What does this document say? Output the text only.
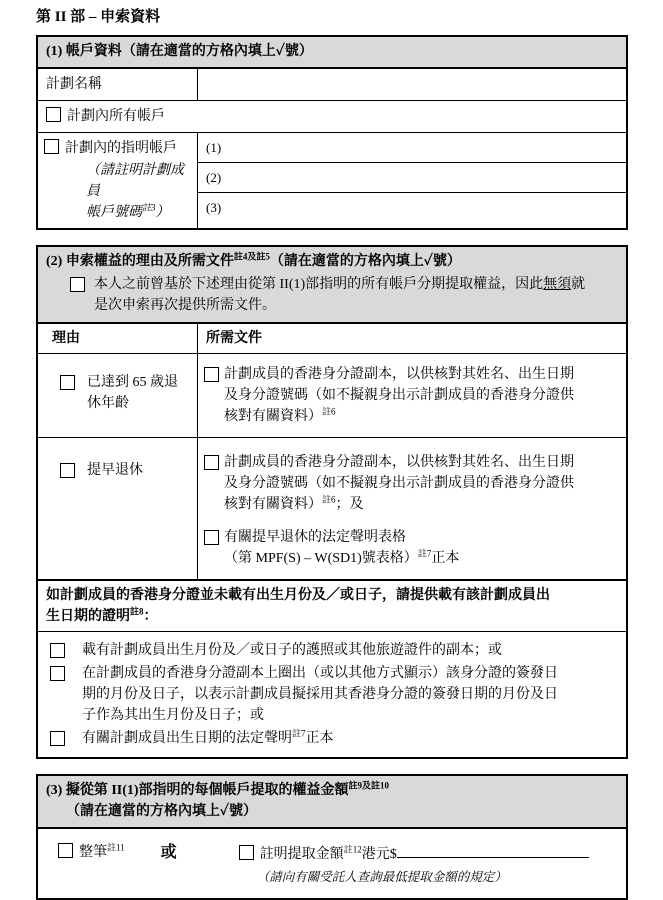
第 II 部 – 申索資料
(1) 帳戶資料（請在適當的方格內填上✓號）
計劃名稱
計劃內所有帳戶
計劃內的指明帳戶
（請註明計劃成員
帳戶號碼$^{註3}$）
(1)
(2)
(3)
(2) 申索權益的理由及所需文件$^{註4及註5}$（請在適當的方格內填上✓號）
本人之前曾基於下述理由從第 II(1)部指明的所有帳戶分期提取權益，因此無須就
是次申索再次提供所需文件。
理由	所需文件
已達到 65 歲退
休年齡
計劃成員的香港身分證副本，以供核對其姓名、出生日期
及身分證號碼（如不擬親身出示計劃成員的香港身分證供
核對有關資料）$^{註6}$
提早退休
計劃成員的香港身分證副本，以供核對其姓名、出生日期
及身分證號碼（如不擬親身出示計劃成員的香港身分證供
核對有關資料）$^{註6}$；及
有關提早退休的法定聲明表格
（第 MPF(S) – W(SD1)號表格）$^{註7}$正本
如計劃成員的香港身分證並未載有出生月份及／或日子，請提供載有該計劃成員出
生日期的證明$^{註8}$：
載有計劃成員出生月份及／或日子的護照或其他旅遊證件的副本；或
在計劃成員的香港身分證副本上圈出（或以其他方式顯示）該身分證的簽發日
期的月份及日子，以表示計劃成員擬採用其香港身分證的簽發日期的月份及日
子作為其出生月份及日子；或
有關計劃成員出生日期的法定聲明$^{註7}$正本
(3) 擬從第 II(1)部指明的每個帳戶提取的權益金額$^{註9及註10}$
（請在適當的方格內填上✓號）
整筆$^{註11}$ 或	註明提取金額$^{註12}$港元$
（請向有關受託人查詢最低提取金額的規定）
